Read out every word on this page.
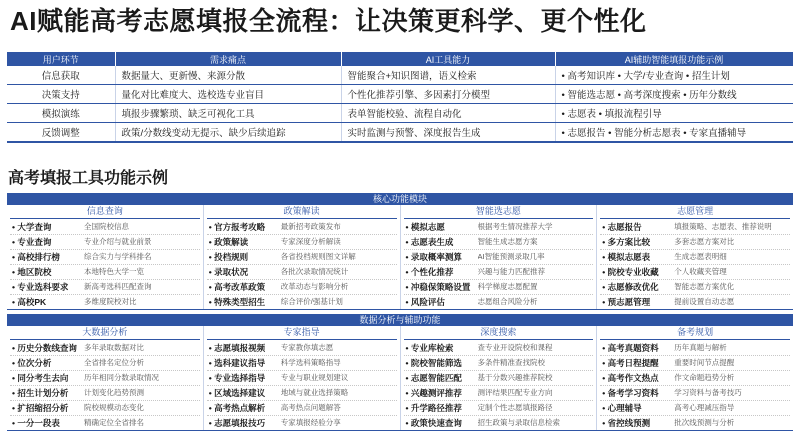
AI赋能高考志愿填报全流程：让决策更科学、更个性化
用户环节	需求痛点	AI工具能力	AI辅助智能填报功能示例
信息获取	数据量大、更新慢、来源分散	智能聚合+知识图谱，语义检索	• 高考知识库 • 大学/专业查询 • 招生计划
决策支持	量化对比难度大、选校选专业盲目	个性化推荐引擎、多因素打分模型	• 智能选志愿 • 高考深度搜索 • 历年分数线
模拟演练	填报步骤繁琐、缺乏可视化工具	表单智能校验、流程自动化	• 志愿表 • 填报流程引导
反馈调整	政策/分数线变动无提示、缺少后续追踪	实时监测与预警、深度报告生成	• 志愿报告 • 智能分析志愿表 • 专家直播辅导
高考填报工具功能示例
核心功能模块
信息查询
• 大学查询	全国院校信息
• 专业查询	专业介绍与就业前景
• 高校排行榜	综合实力与学科排名
• 地区院校	本地特色大学一览
• 专业选科要求	新高考选科匹配查询
• 高校PK	多维度院校对比
政策解读
• 官方报考攻略	最新招考政策发布
• 政策解读	专家深度分析解读
• 投档规则	各省投档规则图文详解
• 录取状况	各批次录取情况统计
• 高考改革政策	改革动态与影响分析
• 特殊类型招生	综合评价/强基计划
智能选志愿
• 模拟志愿	根据考生情况推荐大学
• 志愿表生成	智能生成志愿方案
• 录取概率测算	AI智能预测录取几率
• 个性化推荐	兴趣与能力匹配推荐
• 冲稳保策略设置 科学梯度志愿配置
• 风险评估	志愿组合风险分析
志愿管理
• 志愿报告	填报策略、志愿表、推荐说明
• 多方案比较	多套志愿方案对比
• 模拟志愿表	生成志愿表明细
• 院校专业收藏	个人收藏夹管理
• 志愿修改优化	智能志愿方案优化
• 预志愿管理	提前设置自动志愿
数据分析与辅助功能
大数据分析
• 历史分数线查询 多年录取数据对比
• 位次分析	全省排名定位分析
• 同分考生去向	历年相同分数录取情况
• 招生计划分析	计划变化趋势预测
• 扩招缩招分析	院校规模动态变化
• 一分一段表	精确定位全省排名
专家指导
• 志愿填报视频	专家教你填志愿
• 选科建议指导	科学选科策略指导
• 专业选择指导	专业与职业规划建议
• 区域选择建议	地域与就业选择策略
• 高考热点解析	高考热点问题解答
• 志愿填报技巧	专家填报经验分享
深度搜索
• 专业库检索	查专业开设院校和课程
• 院校智能筛选	多条件精准查找院校
• 志愿智能匹配	基于分数兴趣推荐院校
• 兴趣测评推荐	测评结果匹配专业方向
• 升学路径推荐	定制个性志愿填报路径
• 政策快速查询	招生政策与录取信息检索
备考规划
• 高考真题资料	历年真题与解析
• 高考日程提醒	重要时间节点提醒
• 高考作文热点	作文命题趋势分析
• 备考学习资料	学习资料与备考技巧
• 心理辅导	高考心理减压指导
• 省控线预测	批次线预测与分析
